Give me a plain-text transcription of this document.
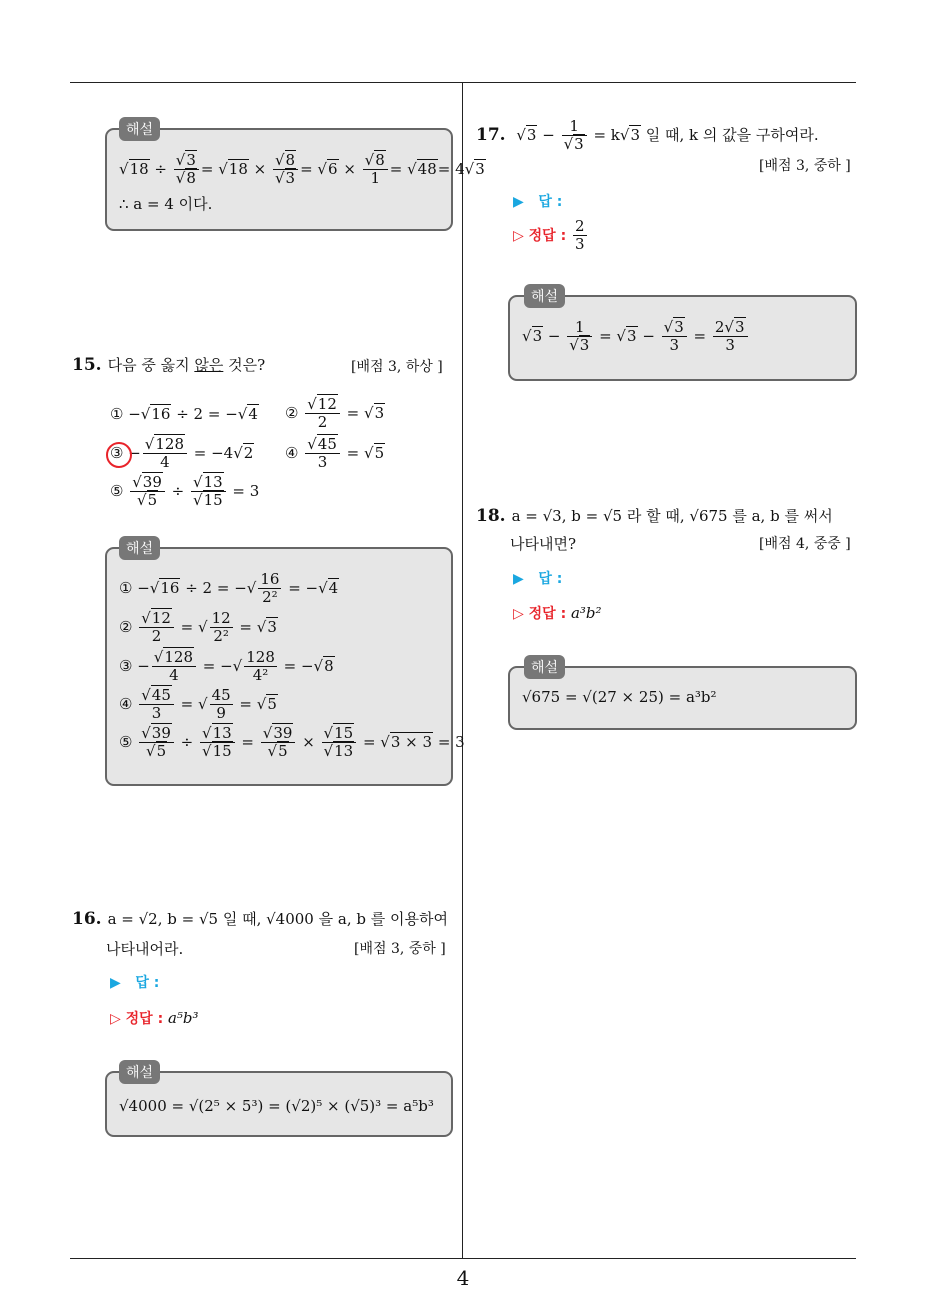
$√18 \div \frac{√3}{√8} = √18 \times \frac{√8}{√3} = √6 \times \frac{√8}{1} = √48= 4√3$
∴ a = 4 이다.
해설
15. 다음 중 옳지 않은 것은?	[배점 3, 하상 ]
① −√16 ÷ 2 = −√4 ② $\frac{√12}{2} = √3$
③ − $\frac{√128}{4} = -4√2$ ④ $\frac{√45}{3} = √5$
⑤ $\frac{√39}{√5} \div \frac{√13}{√15} = 3$
① −√16 ÷ 2 = −√ $\frac{16}{\text{2²}} = -√4$
② $\frac{√12}{2}$ = √ $\frac{12}{\text{2²}} = √3$
③ − $\frac{√128}{4}$ = −√ $\frac{128}{\text{4²}} = -√8$
④ $\frac{√45}{3}$ = √ $\frac{45}{9} = √5$
⑤ $\frac{√39}{√5} \div \frac{√13}{√15} = \frac{√39}{√5} \times \frac{√15}{√13} = √3 \times 3 = 3$
해설
16. a = √2, b = √5 일 때, √4000 을 a, b 를 이용하여
나타내어라.	[배점 3, 중하 ]
▶ 답 :
▷ 정답 : a⁵b³
√4000 = √(2⁵ × 5³) = (√2)⁵ × (√5)³ = a⁵b³
해설
17. $√3 - \frac{1}{√3} = k√3$ 일 때, k 의 값을 구하여라.
[배점 3, 중하 ]
▶ 답 :
▷ 정답 : $\frac{2}{3}$
$√3 - \frac{1}{√3} = √3 - \frac{√3}{3} = \frac{2√3}{3}$
해설
18. a = √3, b = √5 라 할 때, √675 를 a, b 를 써서
나타내면?	[배점 4, 중중 ]
▶ 답 :
▷ 정답 : a³b²
√675 = √(27 × 25) = a³b²
해설
4
